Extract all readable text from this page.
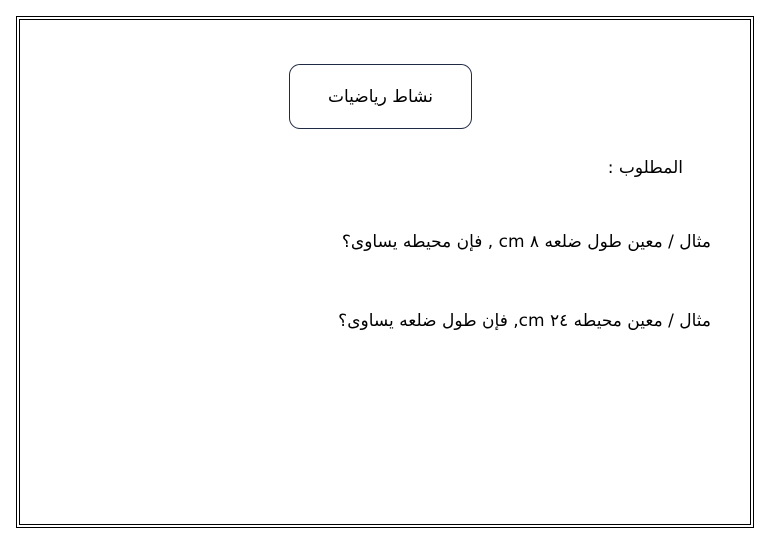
نشاط رياضيات
المطلوب :
مثال / معين طول ضلعه ٨ cm , فإن محيطه يساوى؟
مثال / معين محيطه ٢٤ cm, فإن طول ضلعه يساوى؟
